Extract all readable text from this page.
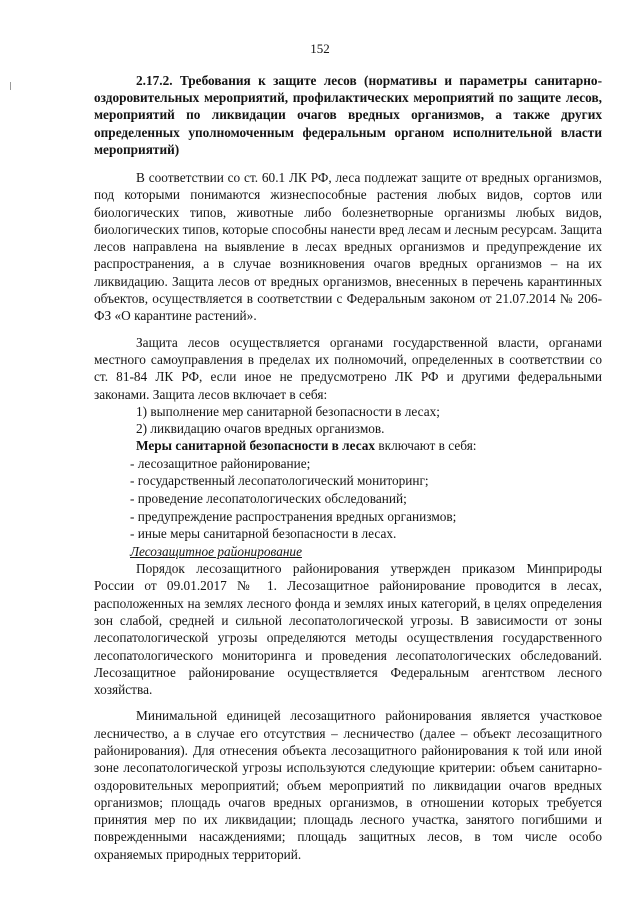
152
2.17.2. Требования к защите лесов (нормативы и параметры санитарно-оздоровительных мероприятий, профилактических мероприятий по защите лесов, мероприятий по ликвидации очагов вредных организмов, а также других определенных уполномоченным федеральным органом исполнительной власти мероприятий)

В соответствии со ст. 60.1 ЛК РФ, леса подлежат защите от вредных организмов, под которыми понимаются жизнеспособные растения любых видов, сортов или биологических типов, животные либо болезнетворные организмы любых видов, биологических типов, которые способны нанести вред лесам и лесным ресурсам. Защита лесов направлена на выявление в лесах вредных организмов и предупреждение их распространения, а в случае возникновения очагов вредных организмов – на их ликвидацию. Защита лесов от вредных организмов, внесенных в перечень карантинных объектов, осуществляется в соответствии с Федеральным законом от 21.07.2014 № 206-ФЗ «О карантине растений».

Защита лесов осуществляется органами государственной власти, органами местного самоуправления в пределах их полномочий, определенных в соответствии со ст. 81-84 ЛК РФ, если иное не предусмотрено ЛК РФ и другими федеральными законами. Защита лесов включает в себя:

1) выполнение мер санитарной безопасности в лесах;

2) ликвидацию очагов вредных организмов.

Меры санитарной безопасности в лесах включают в себя:

- лесозащитное районирование;

- государственный лесопатологический мониторинг;

- проведение лесопатологических обследований;

- предупреждение распространения вредных организмов;

- иные меры санитарной безопасности в лесах.

Лесозащитное районирование

Порядок лесозащитного районирования утвержден приказом Минприроды России от 09.01.2017 № 1. Лесозащитное районирование проводится в лесах, расположенных на землях лесного фонда и землях иных категорий, в целях определения зон слабой, средней и сильной лесопатологической угрозы. В зависимости от зоны лесопатологической угрозы определяются методы осуществления государственного лесопатологического мониторинга и проведения лесопатологических обследований. Лесозащитное районирование осуществляется Федеральным агентством лесного хозяйства.

Минимальной единицей лесозащитного районирования является участковое лесничество, а в случае его отсутствия – лесничество (далее – объект лесозащитного районирования). Для отнесения объекта лесозащитного районирования к той или иной зоне лесопатологической угрозы используются следующие критерии: объем санитарно-оздоровительных мероприятий; объем мероприятий по ликвидации очагов вредных организмов; площадь очагов вредных организмов, в отношении которых требуется принятия мер по их ликвидации; площадь лесного участка, занятого погибшими и поврежденными насаждениями; площадь защитных лесов, в том числе особо охраняемых природных территорий.
